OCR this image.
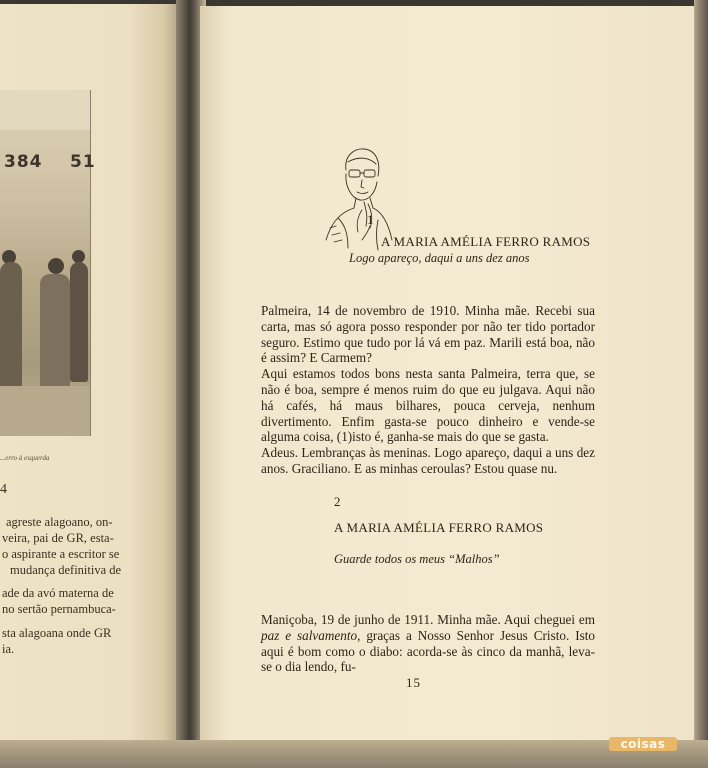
384 51
...erro à esquerda
4
agreste alagoano, on-
veira, pai de GR, esta-
o aspirante a escritor se
mudança definitiva de
ade da avó materna de
no sertão pernambuca-
sta alagoana onde GR
ia.
1
A MARIA AMÉLIA FERRO RAMOS
Logo apareço, daqui a uns dez anos

Palmeira, 14 de novembro de 1910. Minha mãe. Recebi sua carta, mas só agora posso responder por não ter tido portador seguro. Estimo que tudo por lá vá em paz. Marili está boa, não é assim? E Carmem?

Aqui estamos todos bons nesta santa Palmeira, terra que, se não é boa, sempre é menos ruim do que eu julgava. Aqui não há cafés, há maus bilhares, pouca cerveja, nenhum divertimento. Enfim gasta-se pouco dinheiro e vende-se alguma coisa, (1)isto é, ganha-se mais do que se gasta.

Adeus. Lembranças às meninas. Logo apareço, daqui a uns dez anos. Graciliano. E as minhas ceroulas? Estou quase nu.

2
A MARIA AMÉLIA FERRO RAMOS
Guarde todos os meus “Malhos”

Maniçoba, 19 de junho de 1911. Minha mãe. Aqui cheguei em paz e salvamento, graças a Nosso Senhor Jesus Cristo. Isto aqui é bom como o diabo: acorda-se às cinco da manhã, leva-se o dia lendo, fu-

15
coisas
